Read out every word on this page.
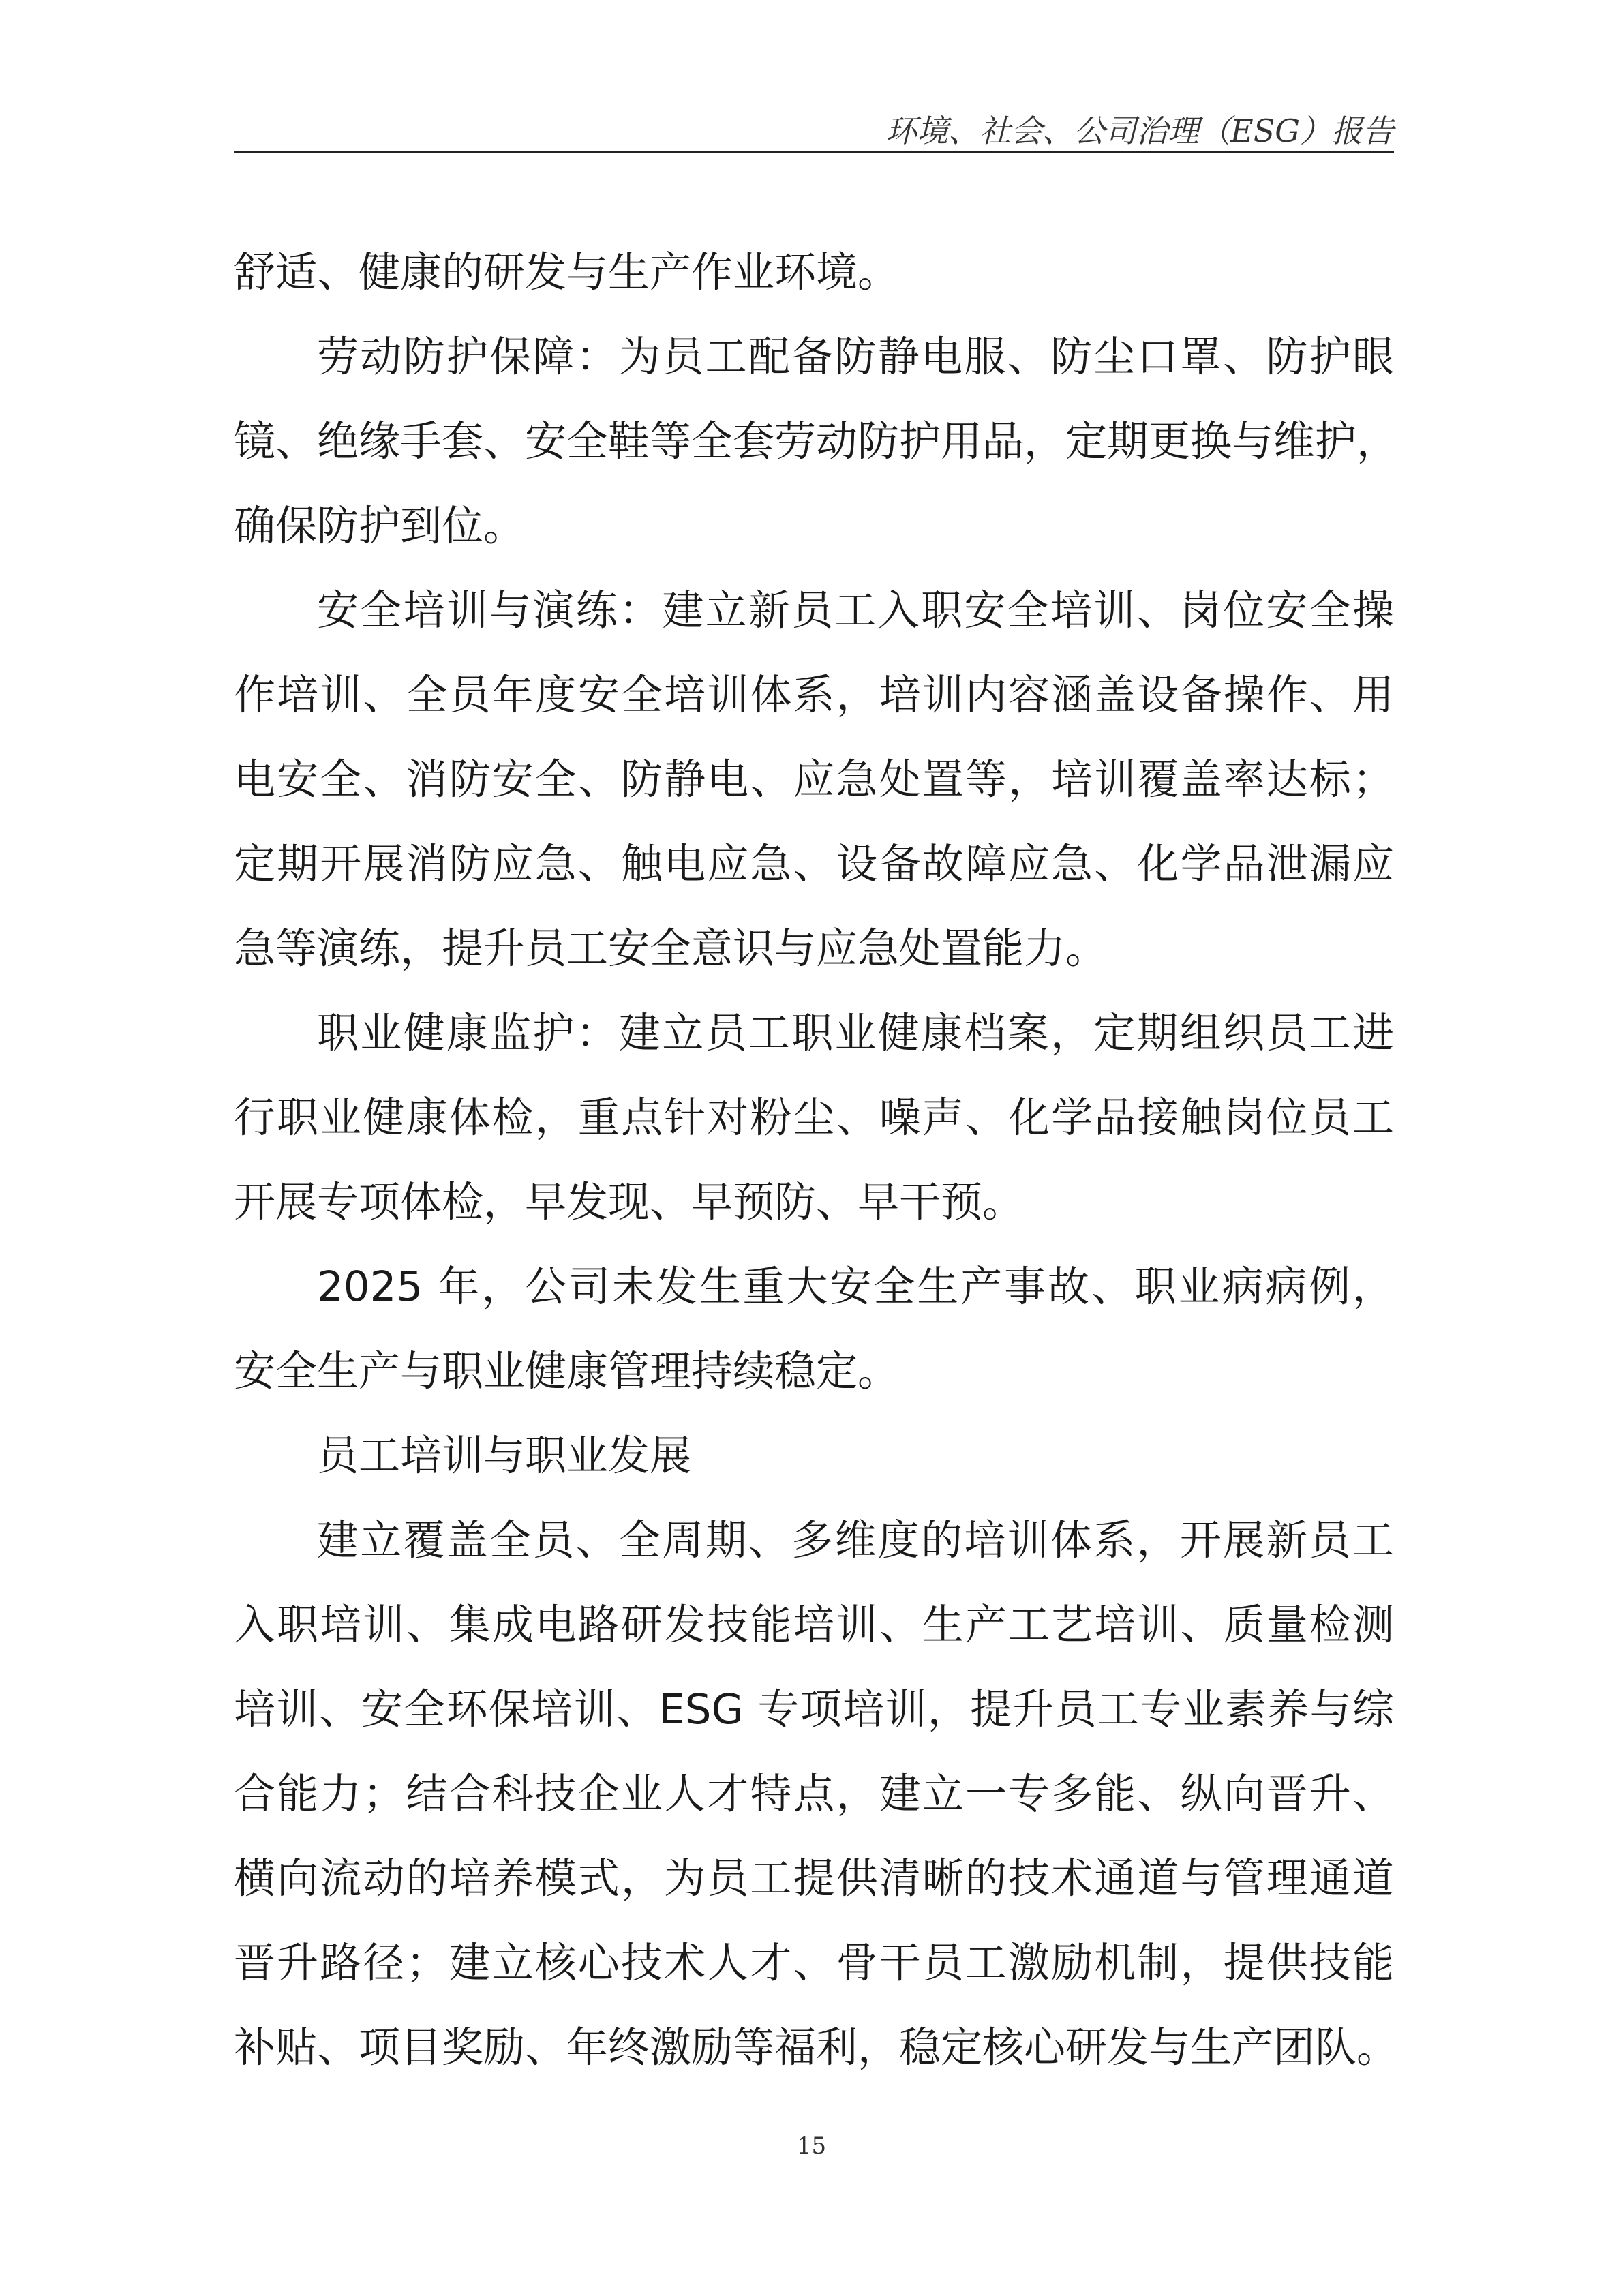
环境、社会、公司治理（ESG）报告

舒适、健康的研发与生产作业环境。

劳动防护保障：为员工配备防静电服、防尘口罩、防护眼

镜、绝缘手套、安全鞋等全套劳动防护用品，定期更换与维护，

确保防护到位。

安全培训与演练：建立新员工入职安全培训、岗位安全操

作培训、全员年度安全培训体系，培训内容涵盖设备操作、用

电安全、消防安全、防静电、应急处置等，培训覆盖率达标；

定期开展消防应急、触电应急、设备故障应急、化学品泄漏应

急等演练，提升员工安全意识与应急处置能力。

职业健康监护：建立员工职业健康档案，定期组织员工进

行职业健康体检，重点针对粉尘、噪声、化学品接触岗位员工

开展专项体检，早发现、早预防、早干预。

2025 年，公司未发生重大安全生产事故、职业病病例，

安全生产与职业健康管理持续稳定。

员工培训与职业发展

建立覆盖全员、全周期、多维度的培训体系，开展新员工

入职培训、集成电路研发技能培训、生产工艺培训、质量检测

培训、安全环保培训、ESG 专项培训，提升员工专业素养与综

合能力；结合科技企业人才特点，建立一专多能、纵向晋升、

横向流动的培养模式，为员工提供清晰的技术通道与管理通道

晋升路径；建立核心技术人才、骨干员工激励机制，提供技能

补贴、项目奖励、年终激励等福利，稳定核心研发与生产团队。

15
